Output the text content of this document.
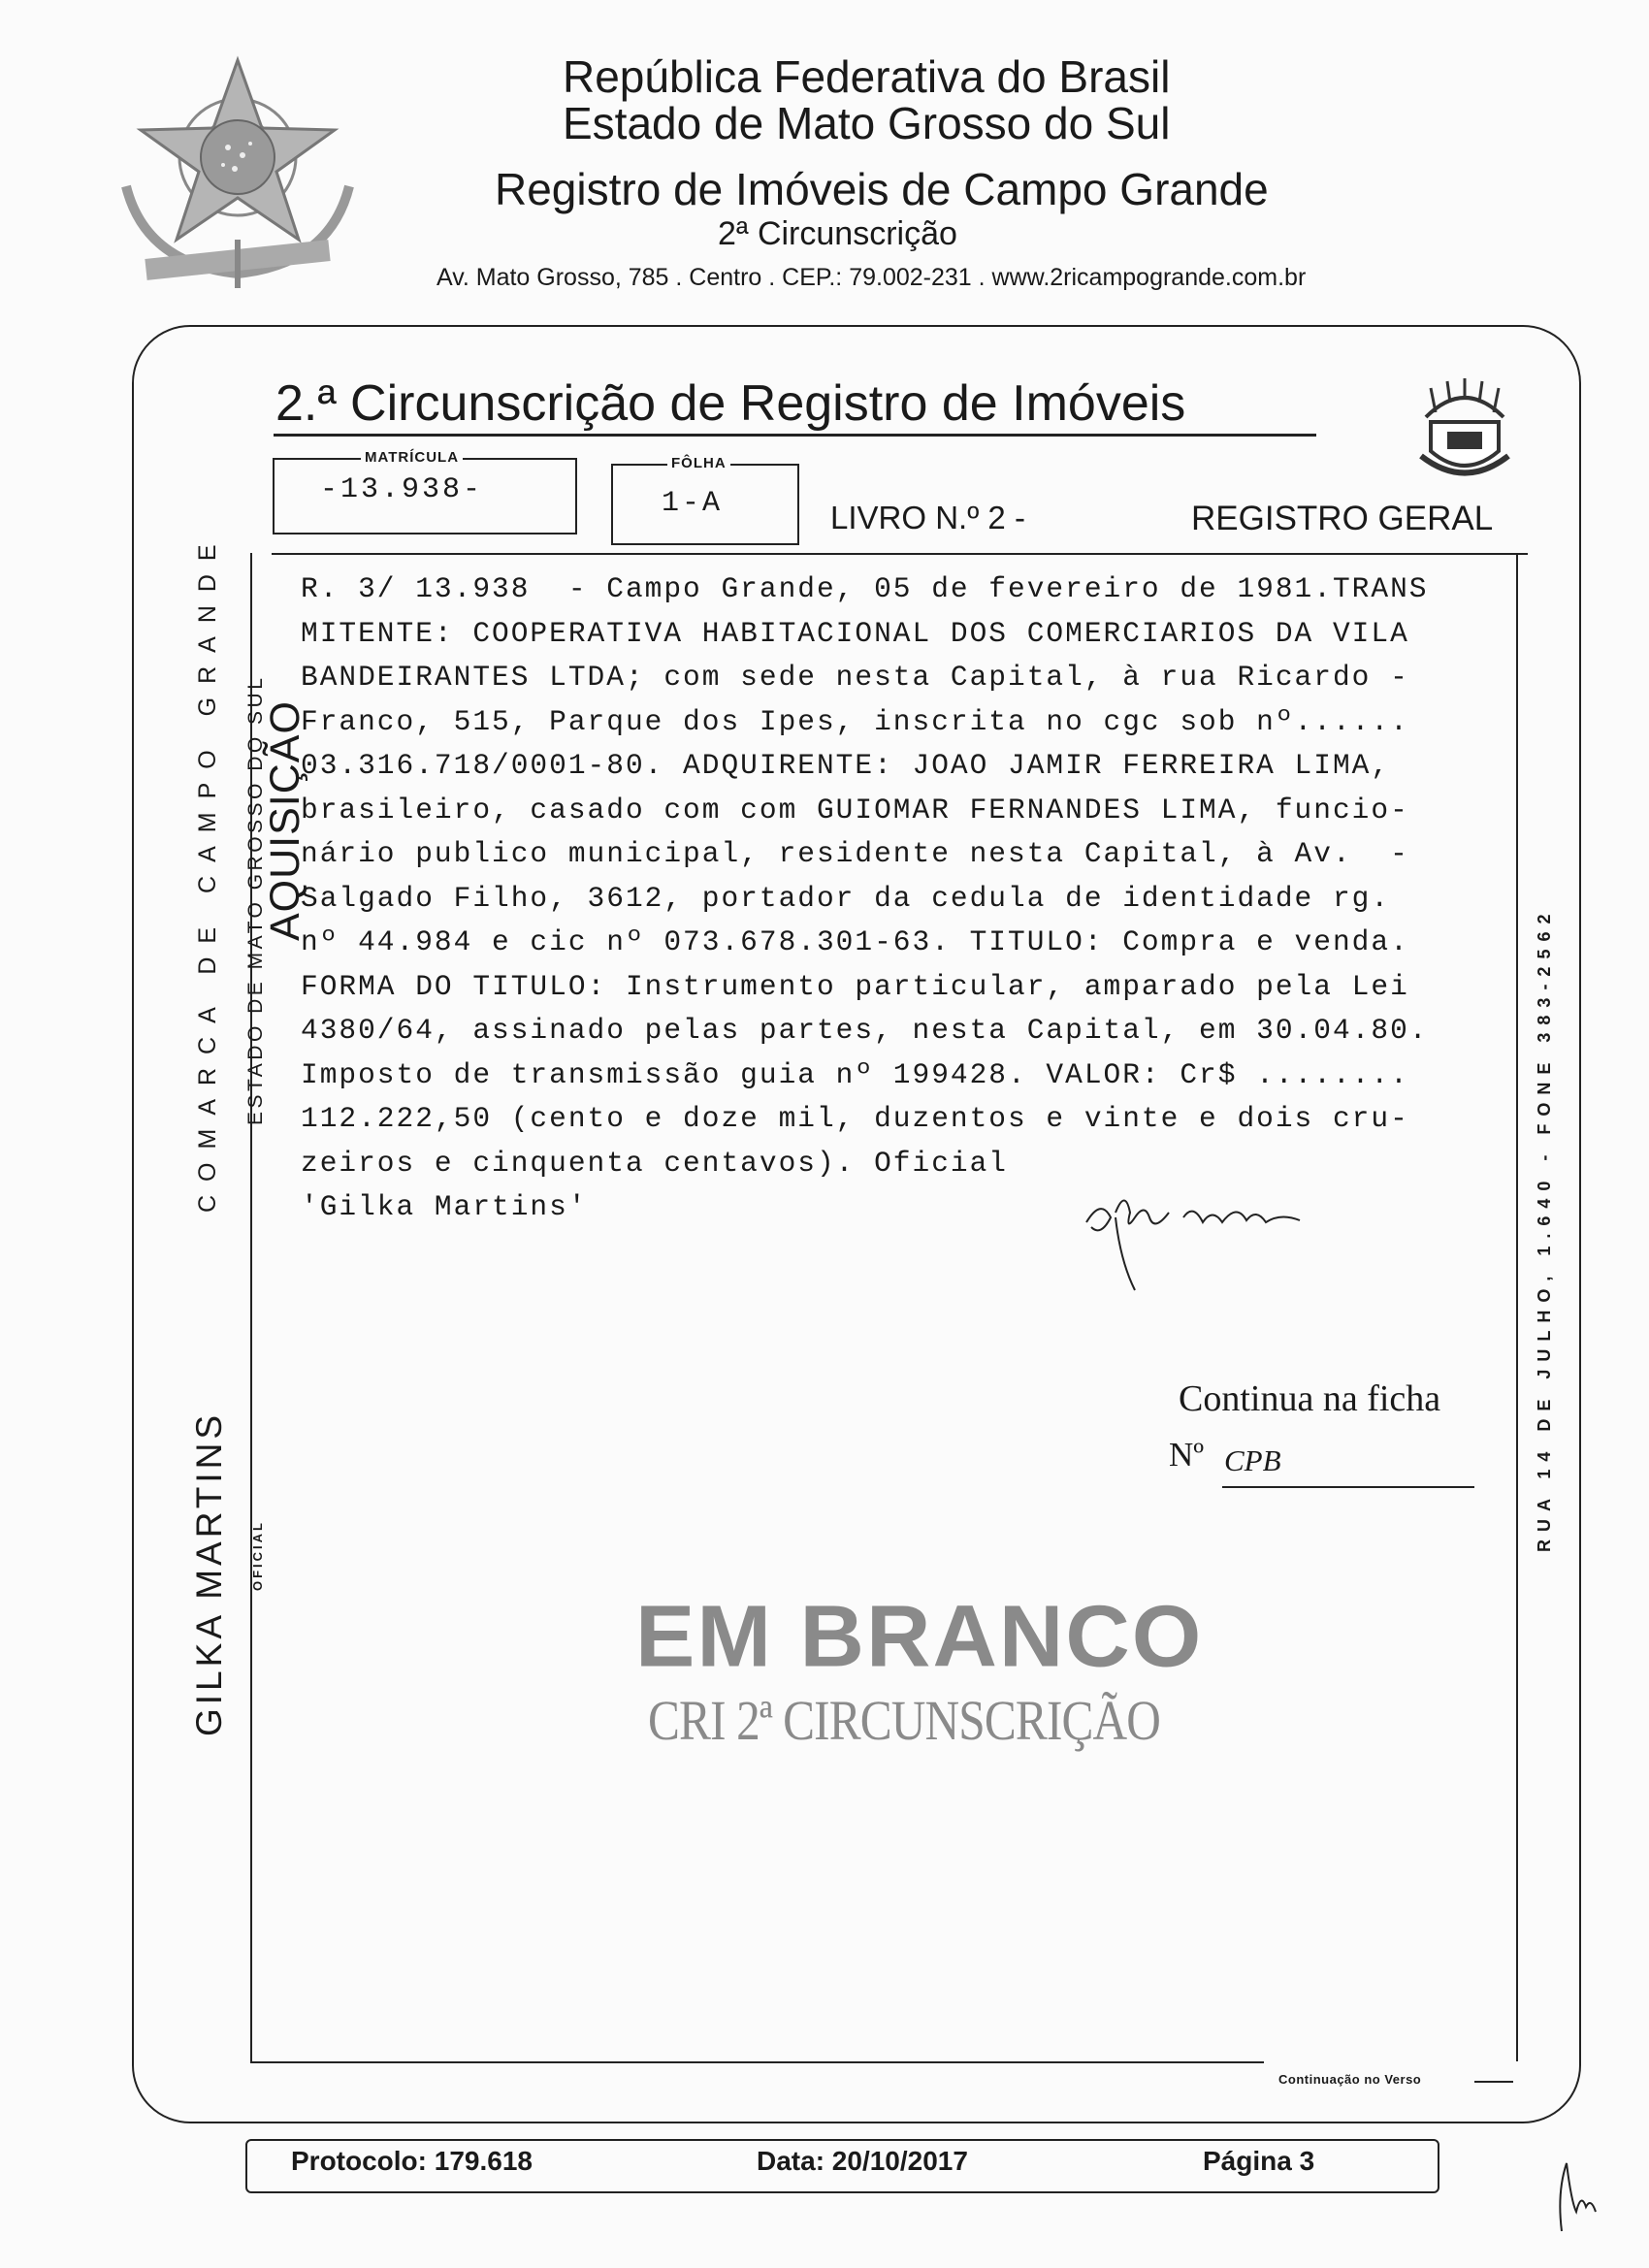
República Federativa do Brasil
Estado de Mato Grosso do Sul
Registro de Imóveis de Campo Grande
2ª Circunscrição
Av. Mato Grosso, 785 . Centro . CEP.: 79.002-231 . www.2ricampogrande.com.br
2.ª Circunscrição de Registro de Imóveis
MATRÍCULA
-13.938-
FÔLHA
1-A	LIVRO N.º 2 -	REGISTRO GERAL
COMARCA DE CAMPO GRANDE ESTADO DE MATO GROSSO DO SUL
AQUISIÇÃO
GILKA MARTINS OFICIAL
RUA 14 DE JULHO, 1.640 - FONE 383-2562
R. 3/ 13.938  - Campo Grande, 05 de fevereiro de 1981.TRANS
MITENTE: COOPERATIVA HABITACIONAL DOS COMERCIARIOS DA VILA
BANDEIRANTES LTDA; com sede nesta Capital, à rua Ricardo -
Franco, 515, Parque dos Ipes, inscrita no cgc sob nº......
03.316.718/0001-80. ADQUIRENTE: JOAO JAMIR FERREIRA LIMA,
brasileiro, casado com com GUIOMAR FERNANDES LIMA, funcio-
nário publico municipal, residente nesta Capital, à Av.  -
Salgado Filho, 3612, portador da cedula de identidade rg.
nº 44.984 e cic nº 073.678.301-63. TITULO: Compra e venda.
FORMA DO TITULO: Instrumento particular, amparado pela Lei
4380/64, assinado pelas partes, nesta Capital, em 30.04.80.
Imposto de transmissão guia nº 199428. VALOR: Cr$ ........
112.222,50 (cento e doze mil, duzentos e vinte e dois cru-
zeiros e cinquenta centavos). Oficial
'Gilka Martins'
Continua na ficha
Nº CPB
EM BRANCO
CRI 2ª CIRCUNSCRIÇÃO
Continuação no Verso
Protocolo: 179.618	Data: 20/10/2017	Página 3
